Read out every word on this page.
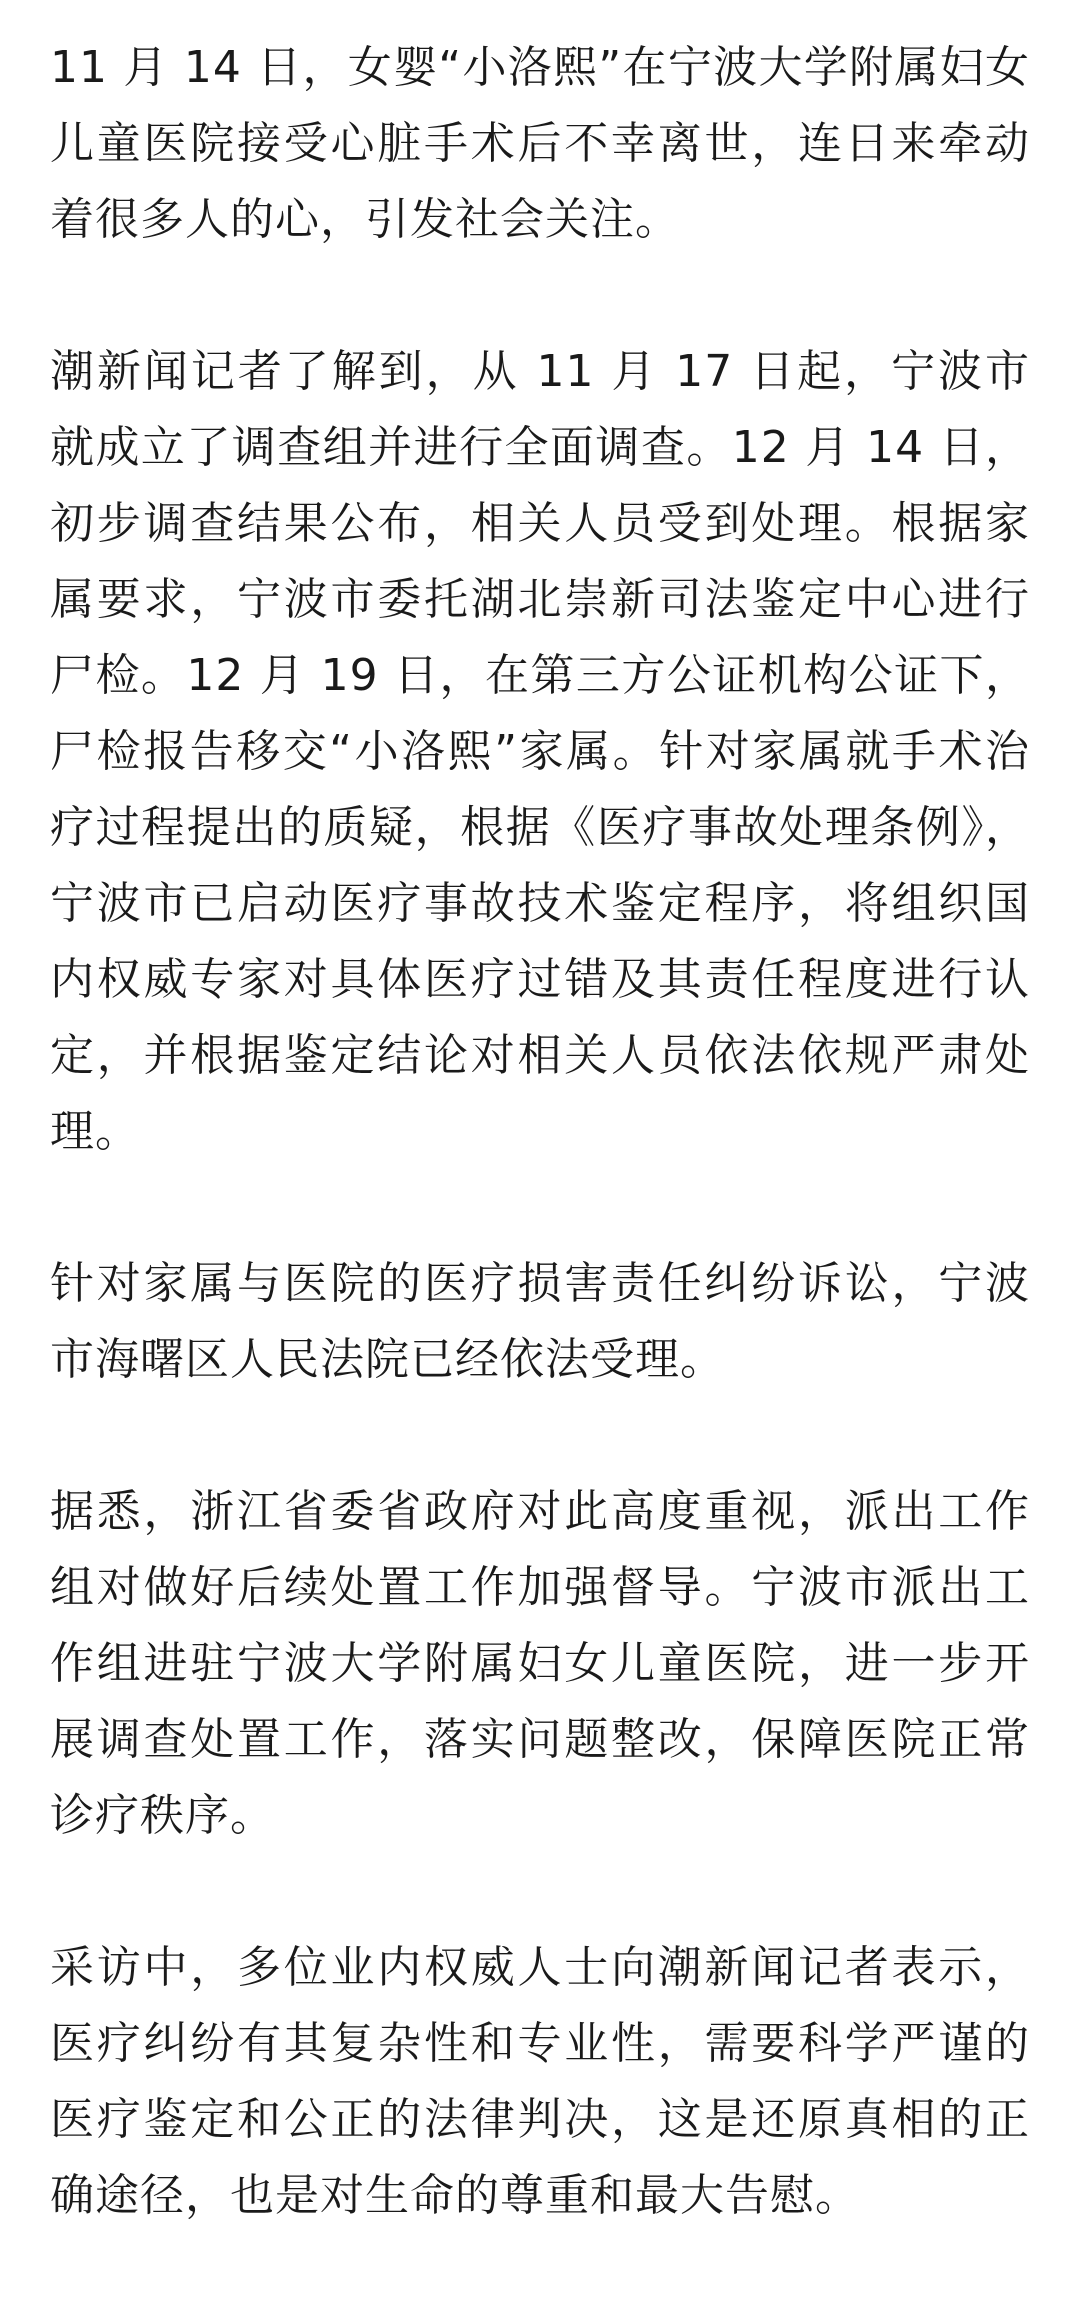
11 月 14 日，女婴“小洛熙”在宁波大学附属妇女儿童医院接受心脏手术后不幸离世，连日来牵动着很多人的心，引发社会关注。

潮新闻记者了解到，从 11 月 17 日起，宁波市就成立了调查组并进行全面调查。12 月 14 日，初步调查结果公布，相关人员受到处理。根据家属要求，宁波市委托湖北崇新司法鉴定中心进行尸检。12 月 19 日，在第三方公证机构公证下，尸检报告移交“小洛熙”家属。针对家属就手术治疗过程提出的质疑，根据《医疗事故处理条例》，宁波市已启动医疗事故技术鉴定程序，将组织国内权威专家对具体医疗过错及其责任程度进行认定，并根据鉴定结论对相关人员依法依规严肃处理。

针对家属与医院的医疗损害责任纠纷诉讼，宁波市海曙区人民法院已经依法受理。

据悉，浙江省委省政府对此高度重视，派出工作组对做好后续处置工作加强督导。宁波市派出工作组进驻宁波大学附属妇女儿童医院，进一步开展调查处置工作，落实问题整改，保障医院正常诊疗秩序。

采访中，多位业内权威人士向潮新闻记者表示，医疗纠纷有其复杂性和专业性，需要科学严谨的医疗鉴定和公正的法律判决，这是还原真相的正确途径，也是对生命的尊重和最大告慰。
